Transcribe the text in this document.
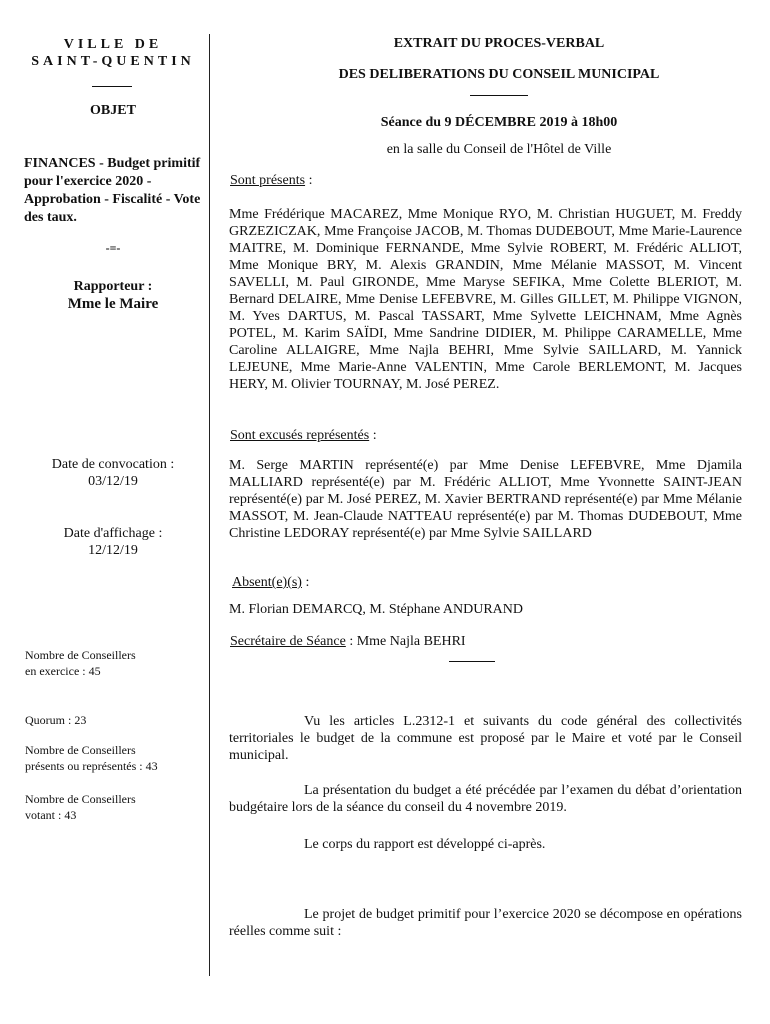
VILLE DE
SAINT-QUENTIN
OBJET
FINANCES - Budget primitif pour l'exercice 2020 - Approbation - Fiscalité - Vote des taux.
-=-
Rapporteur :
Mme le Maire
Date de convocation :
03/12/19
Date d'affichage :
12/12/19
Nombre de Conseillers
en exercice : 45
Quorum : 23
Nombre de Conseillers
présents ou représentés : 43
Nombre de Conseillers
votant : 43
EXTRAIT DU PROCES-VERBAL
DES DELIBERATIONS DU CONSEIL MUNICIPAL
Séance du 9 DÉCEMBRE 2019 à 18h00
en la salle du Conseil de l'Hôtel de Ville
Sont présents :
Mme Frédérique MACAREZ, Mme Monique RYO, M. Christian HUGUET, M. Freddy GRZEZICZAK, Mme Françoise JACOB, M. Thomas DUDEBOUT, Mme Marie-Laurence MAITRE, M. Dominique FERNANDE, Mme Sylvie ROBERT, M. Frédéric ALLIOT, Mme Monique BRY, M. Alexis GRANDIN, Mme Mélanie MASSOT, M. Vincent SAVELLI, M. Paul GIRONDE, Mme Maryse SEFIKA, Mme Colette BLERIOT, M. Bernard DELAIRE, Mme Denise LEFEBVRE, M. Gilles GILLET, M. Philippe VIGNON, M. Yves DARTUS, M. Pascal TASSART, Mme Sylvette LEICHNAM, Mme Agnès POTEL, M. Karim SAÏDI, Mme Sandrine DIDIER, M. Philippe CARAMELLE, Mme Caroline ALLAIGRE, Mme Najla BEHRI, Mme Sylvie SAILLARD, M. Yannick LEJEUNE, Mme Marie-Anne VALENTIN, Mme Carole BERLEMONT, M. Jacques HERY, M. Olivier TOURNAY, M. José PEREZ.
Sont excusés représentés :
M. Serge MARTIN représenté(e) par Mme Denise LEFEBVRE, Mme Djamila MALLIARD représenté(e) par M. Frédéric ALLIOT, Mme Yvonnette SAINT-JEAN représenté(e) par M. José PEREZ, M. Xavier BERTRAND représenté(e) par Mme Mélanie MASSOT, M. Jean-Claude NATTEAU représenté(e) par M. Thomas DUDEBOUT, Mme Christine LEDORAY représenté(e) par Mme Sylvie SAILLARD
Absent(e)(s) :
M. Florian DEMARCQ, M. Stéphane ANDURAND
Secrétaire de Séance : Mme Najla BEHRI
Vu les articles L.2312-1 et suivants du code général des collectivités territoriales le budget de la commune est proposé par le Maire et voté par le Conseil municipal.
La présentation du budget a été précédée par l’examen du débat d’orientation budgétaire lors de la séance du conseil du 4 novembre 2019.
Le corps du rapport est développé ci-après.
Le projet de budget primitif pour l’exercice 2020 se décompose en opérations réelles comme suit :
